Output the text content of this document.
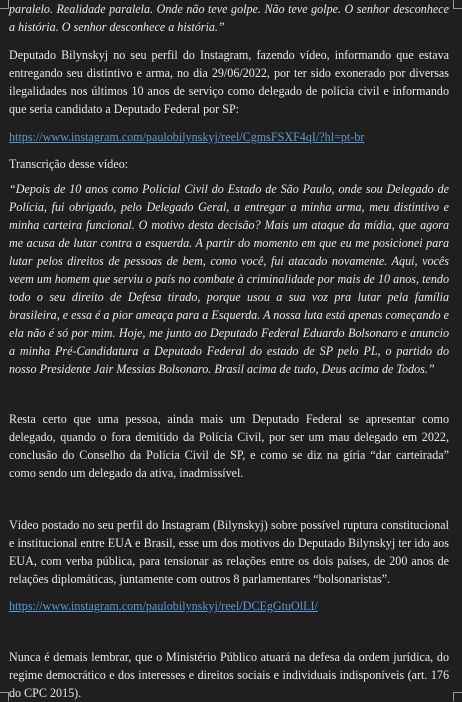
paralelo. Realidade paralela. Onde não teve golpe. Não teve golpe. O senhor desconhece a história. O senhor desconhece a história.”

Deputado Bilynskyj no seu perfil do Instagram, fazendo vídeo, informando que estava entregando seu distintivo e arma, no dia 29/06/2022, por ter sido exonerado por diversas ilegalidades nos últimos 10 anos de serviço como delegado de polícia civil e informando que seria candidato a Deputado Federal por SP:

https://www.instagram.com/paulobilynskyj/reel/CgmsFSXF4qI/?hl=pt-br

Transcrição desse vídeo:

“Depois de 10 anos como Policial Civil do Estado de São Paulo, onde sou Delegado de Polícia, fui obrigado, pelo Delegado Geral, a entregar a minha arma, meu distintivo e minha carteira funcional. O motivo desta decisão? Mais um ataque da mídia, que agora me acusa de lutar contra a esquerda. A partir do momento em que eu me posicionei para lutar pelos direitos de pessoas de bem, como você, fui atacado novamente. Aqui, vocês veem um homem que serviu o país no combate à criminalidade por mais de 10 anos, tendo todo o seu direito de Defesa tirado, porque usou a sua voz pra lutar pela família brasileira, e essa é a pior ameaça para a Esquerda. A nossa luta está apenas começando e ela não é só por mim. Hoje, me junto ao Deputado Federal Eduardo Bolsonaro e anuncio a minha Pré-Candidatura a Deputado Federal do estado de SP pelo PL, o partido do nosso Presidente Jair Messias Bolsonaro. Brasil acima de tudo, Deus acima de Todos.”

Resta certo que uma pessoa, ainda mais um Deputado Federal se apresentar como delegado, quando o fora demitido da Polícia Civil, por ser um mau delegado em 2022, conclusão do Conselho da Polícia Civil de SP, e como se diz na gíria “dar carteirada” como sendo um delegado da ativa, inadmissível.

Vídeo postado no seu perfil do Instagram (Bilynskyj) sobre possível ruptura constitucional e institucional entre EUA e Brasil, esse um dos motivos do Deputado Bilynskyj ter ido aos EUA, com verba pública, para tensionar as relações entre os dois países, de 200 anos de relações diplomáticas, juntamente com outros 8 parlamentares “bolsonaristas”.

https://www.instagram.com/paulobilynskyj/reel/DCEgGtuOlLI/

Nunca é demais lembrar, que o Ministério Público atuará na defesa da ordem jurídica, do regime democrático e dos interesses e direitos sociais e individuais indisponíveis (art. 176 do CPC 2015).
